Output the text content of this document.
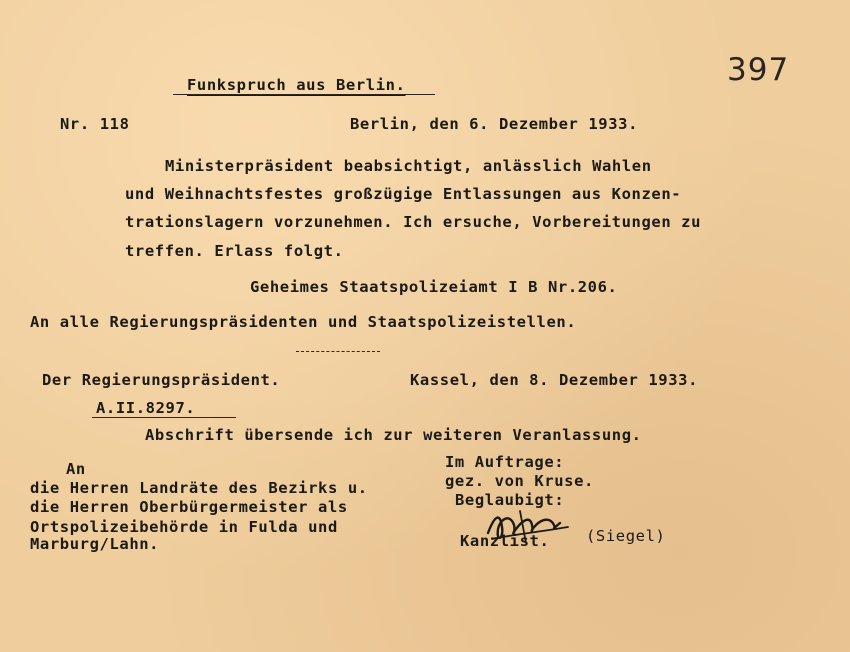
397
Funkspruch aus Berlin.
Nr. 118	Berlin, den 6. Dezember 1933.
Ministerpräsident beabsichtigt, anlässlich Wahlen
und Weihnachtsfestes großzügige Entlassungen aus Konzen-
trationslagern vorzunehmen. Ich ersuche, Vorbereitungen zu
treffen. Erlass folgt.
Geheimes Staatspolizeiamt I B Nr.206.
An alle Regierungspräsidenten und Staatspolizeistellen.
Der Regierungspräsident.	Kassel, den 8. Dezember 1933.
A.II.8297.
Abschrift übersende ich zur weiteren Veranlassung.
An
die Herren Landräte des Bezirks u.
die Herren Oberbürgermeister als
Ortspolizeibehörde in Fulda und
Marburg/Lahn.
Im Auftrage:
gez. von Kruse.
Beglaubigt:
Kanzlist. (Siegel)
